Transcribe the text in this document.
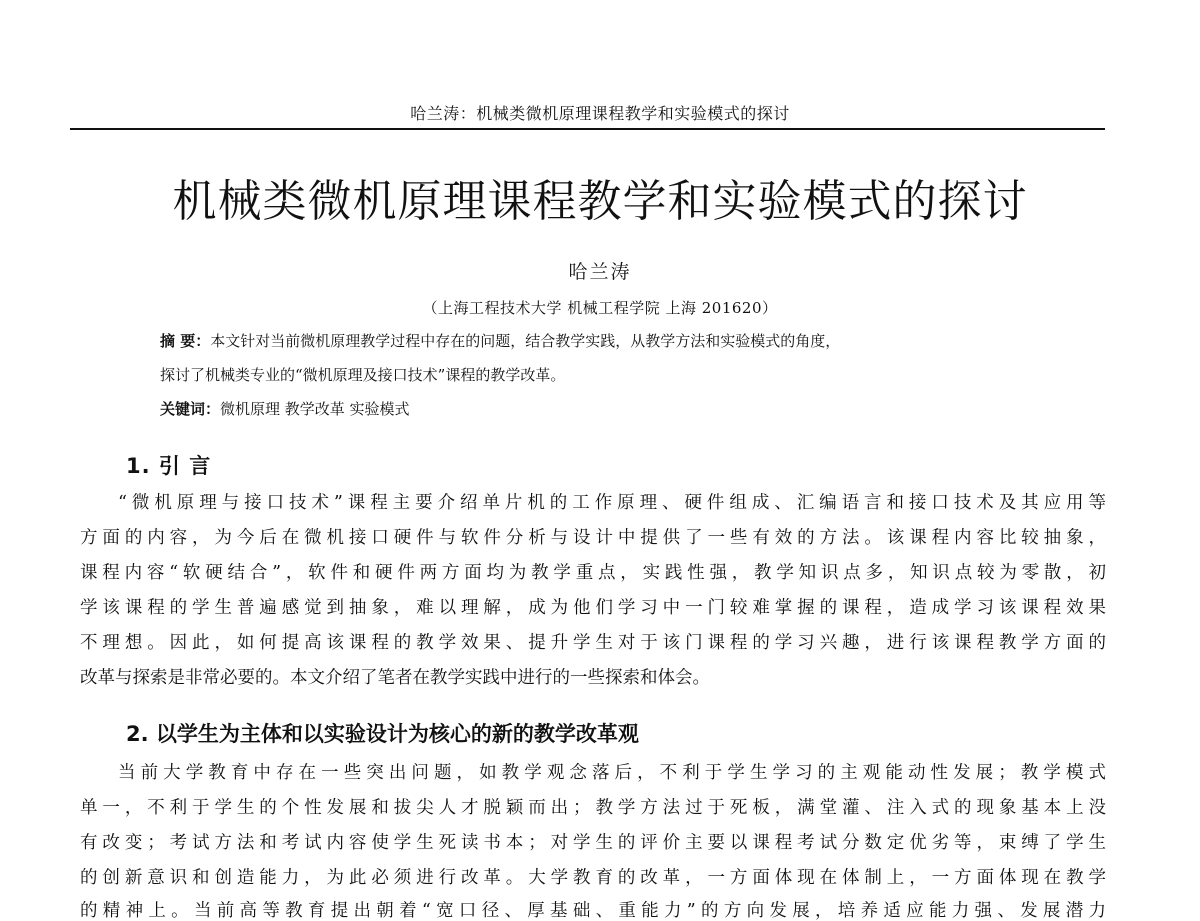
哈兰涛：机械类微机原理课程教学和实验模式的探讨
机械类微机原理课程教学和实验模式的探讨
哈兰涛
（上海工程技术大学 机械工程学院 上海 201620）
摘 要：本文针对当前微机原理教学过程中存在的问题，结合教学实践，从教学方法和实验模式的角度，
探讨了机械类专业的“微机原理及接口技术”课程的教学改革。
关键词：微机原理 教学改革 实验模式
1. 引 言
“微机原理与接口技术”课程主要介绍单片机的工作原理、硬件组成、汇编语言和接口技术及其应用等
方面的内容，为今后在微机接口硬件与软件分析与设计中提供了一些有效的方法。该课程内容比较抽象，
课程内容“软硬结合”，软件和硬件两方面均为教学重点，实践性强，教学知识点多，知识点较为零散，初
学该课程的学生普遍感觉到抽象，难以理解，成为他们学习中一门较难掌握的课程，造成学习该课程效果
不理想。因此，如何提高该课程的教学效果、提升学生对于该门课程的学习兴趣，进行该课程教学方面的
改革与探索是非常必要的。本文介绍了笔者在教学实践中进行的一些探索和体会。
2. 以学生为主体和以实验设计为核心的新的教学改革观
当前大学教育中存在一些突出问题，如教学观念落后，不利于学生学习的主观能动性发展；教学模式
单一，不利于学生的个性发展和拔尖人才脱颖而出；教学方法过于死板，满堂灌、注入式的现象基本上没
有改变；考试方法和考试内容使学生死读书本；对学生的评价主要以课程考试分数定优劣等，束缚了学生
的创新意识和创造能力，为此必须进行改革。大学教育的改革，一方面体现在体制上，一方面体现在教学
的精神上。当前高等教育提出朝着“宽口径、厚基础、重能力”的方向发展，培养适应能力强、发展潜力
